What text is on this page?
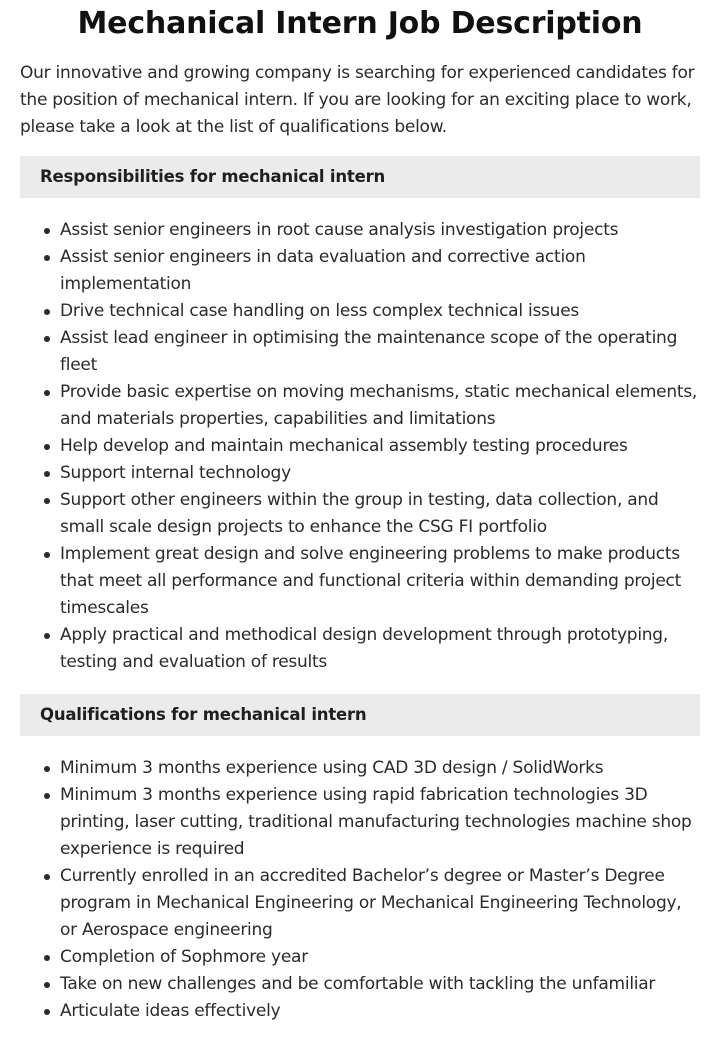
Mechanical Intern Job Description

Our innovative and growing company is searching for experienced candidates for the position of mechanical intern. If you are looking for an exciting place to work, please take a look at the list of qualifications below.

Responsibilities for mechanical intern
Assist senior engineers in root cause analysis investigation projects
Assist senior engineers in data evaluation and corrective action implementation
Drive technical case handling on less complex technical issues
Assist lead engineer in optimising the maintenance scope of the operating fleet
Provide basic expertise on moving mechanisms, static mechanical elements, and materials properties, capabilities and limitations
Help develop and maintain mechanical assembly testing procedures
Support internal technology
Support other engineers within the group in testing, data collection, and small scale design projects to enhance the CSG FI portfolio
Implement great design and solve engineering problems to make products that meet all performance and functional criteria within demanding project timescales
Apply practical and methodical design development through prototyping, testing and evaluation of results
Qualifications for mechanical intern
Minimum 3 months experience using CAD 3D design / SolidWorks
Minimum 3 months experience using rapid fabrication technologies 3D printing, laser cutting, traditional manufacturing technologies machine shop experience is required
Currently enrolled in an accredited Bachelor’s degree or Master’s Degree program in Mechanical Engineering or Mechanical Engineering Technology, or Aerospace engineering
Completion of Sophmore year
Take on new challenges and be comfortable with tackling the unfamiliar
Articulate ideas effectively
